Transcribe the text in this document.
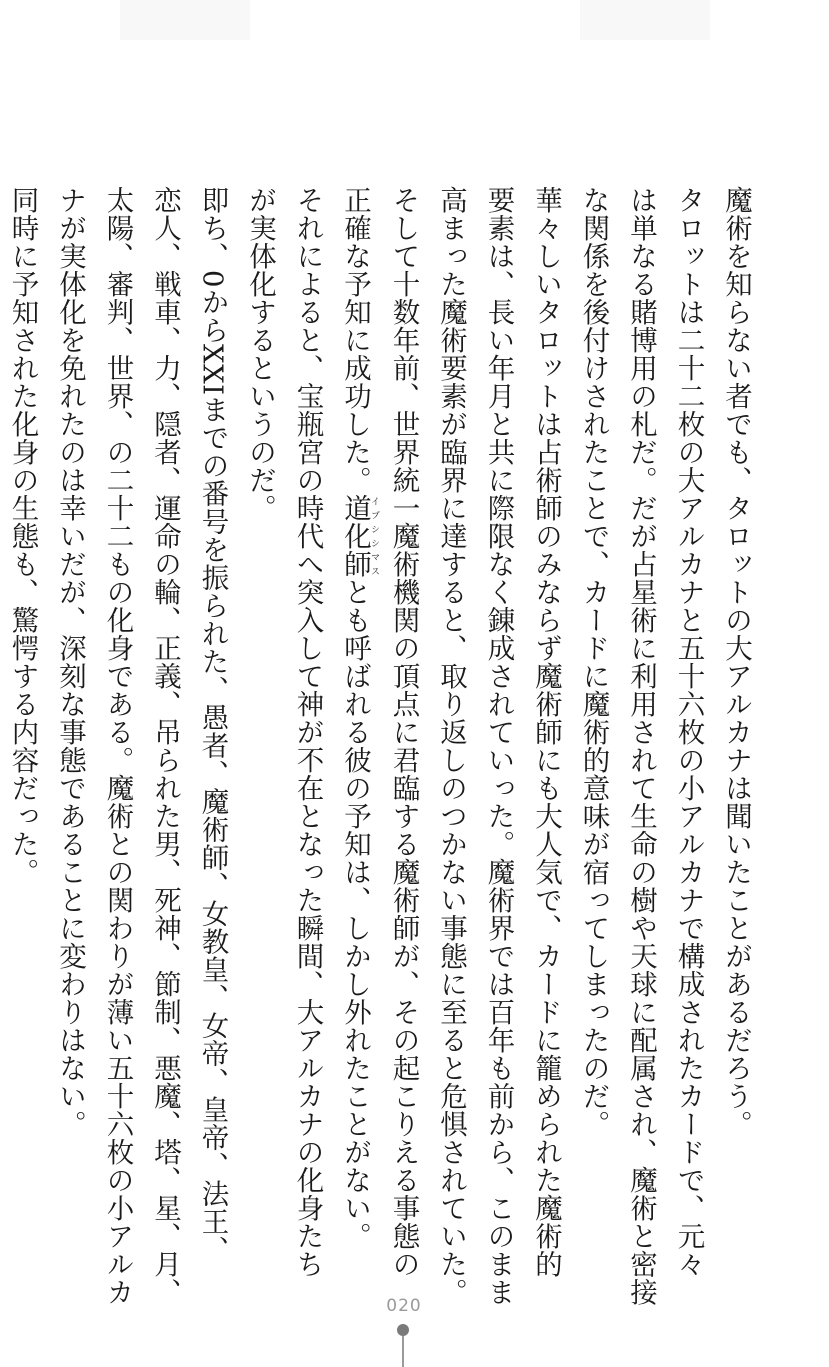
魔術を知らない者でも、タロットの大アルカナは聞いたことがあるだろう。

タロットは二十二枚の大アルカナと五十六枚の小アルカナで構成されたカードで、元々

は単なる賭博用の札だ。だが占星術に利用されて生命の樹や天球に配属され、魔術と密接

な関係を後付けされたことで、カードに魔術的意味が宿ってしまったのだ。

華々しいタロットは占術師のみならず魔術師にも大人気で、カードに籠められた魔術的

要素は、長い年月と共に際限なく錬成されていった。魔術界では百年も前から、このまま

高まった魔術要素が臨界に達すると、取り返しのつかない事態に至ると危惧されていた。

そして十数年前、世界統一魔術機関の頂点に君臨する魔術師が、その起こりえる事態の

正確な予知に成功した。道化師イブシシマスとも呼ばれる彼の予知は、しかし外れたことがない。

それによると、宝瓶宮の時代へ突入して神が不在となった瞬間、大アルカナの化身たち

が実体化するというのだ。

即ち、0からXXIまでの番号を振られた、愚者、魔術師、女教皇、女帝、皇帝、法王、

恋人、戦車、力、隠者、運命の輪、正義、吊られた男、死神、節制、悪魔、塔、星、月、

太陽、審判、世界、の二十二もの化身である。魔術との関わりが薄い五十六枚の小アルカ

ナが実体化を免れたのは幸いだが、深刻な事態であることに変わりはない。

同時に予知された化身の生態も、驚愕する内容だった。

020
